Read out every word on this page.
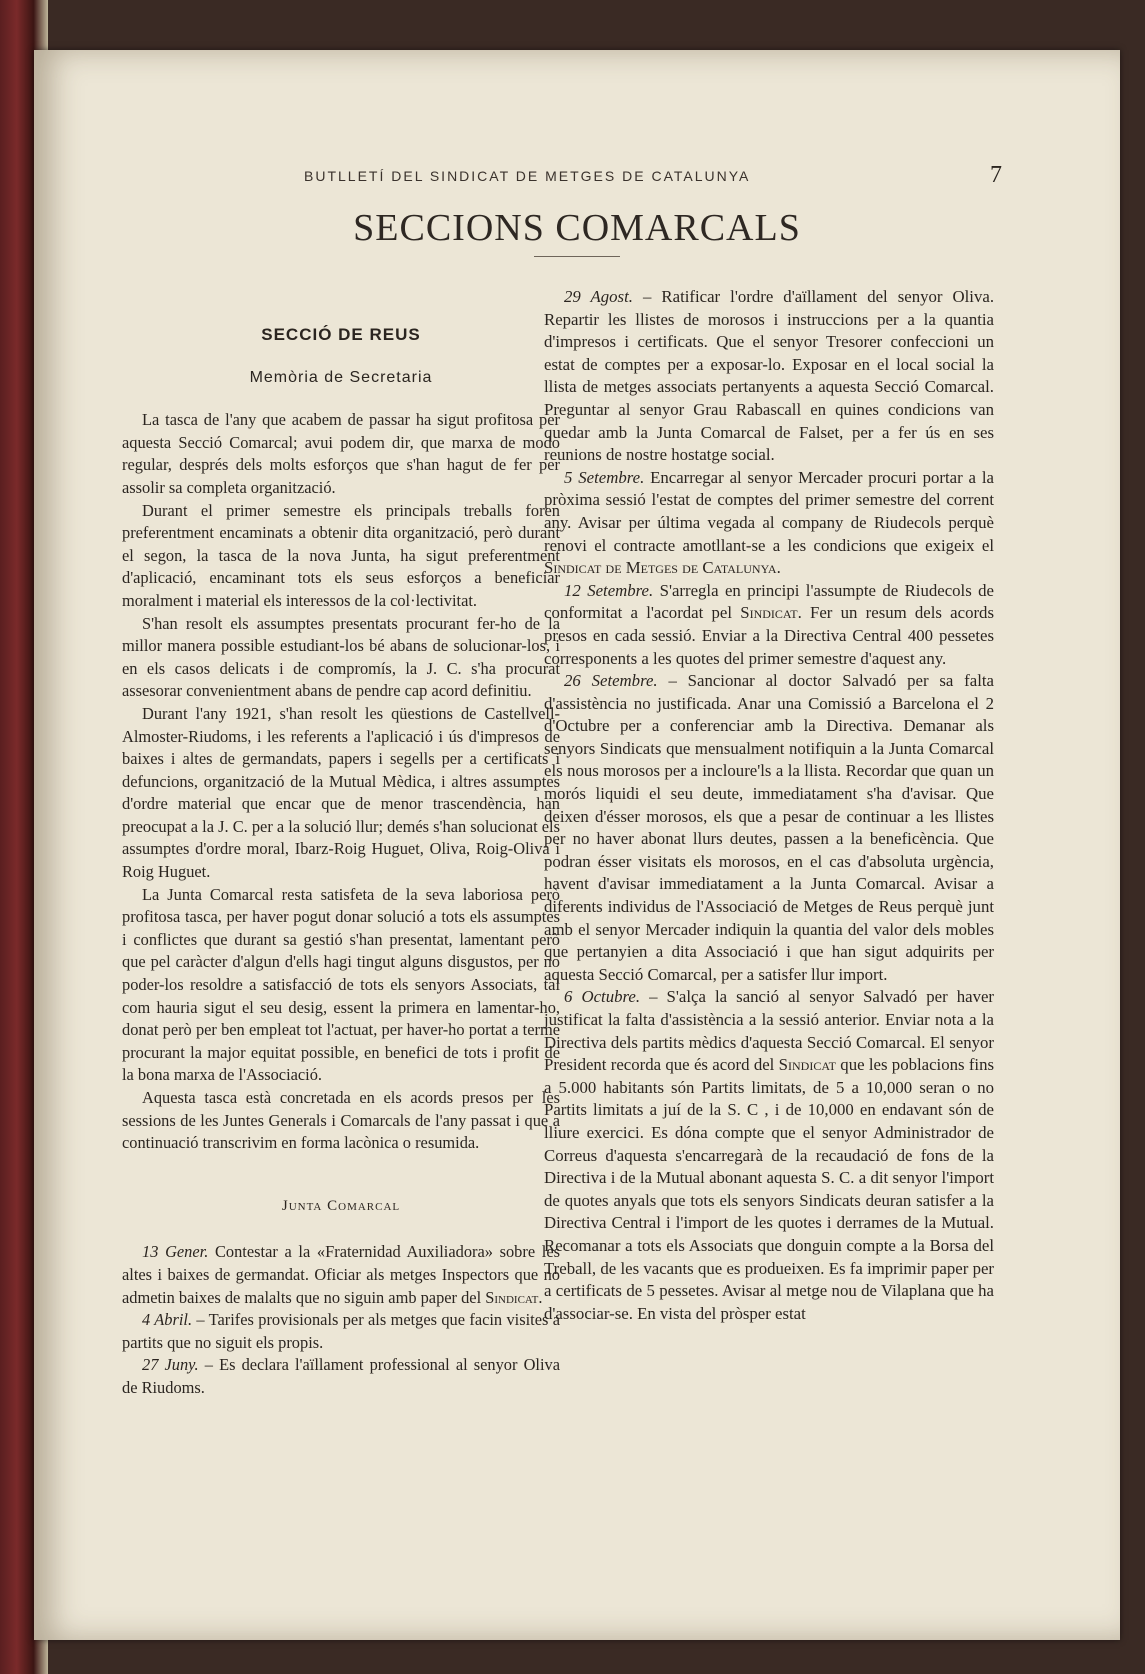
BUTLLETÍ DEL SINDICAT DE METGES DE CATALUNYA	7
SECCIONS COMARCALS
SECCIÓ DE REUS
Memòria de Secretaria

La tasca de l'any que acabem de passar ha sigut profitosa per aquesta Secció Comarcal; avui podem dir, que marxa de modo regular, després dels molts esforços que s'han hagut de fer per assolir sa completa organització.

Durant el primer semestre els principals treballs foren preferentment encaminats a obtenir dita organització, però durant el segon, la tasca de la nova Junta, ha sigut preferentment d'aplicació, encaminant tots els seus esforços a beneficiar moralment i material els interessos de la col·lectivitat.

S'han resolt els assumptes presentats procurant fer-ho de la millor manera possible estudiant-los bé abans de solucionar-los, i en els casos delicats i de compromís, la J. C. s'ha procurat assesorar convenientment abans de pendre cap acord definitiu.

Durant l'any 1921, s'han resolt les qüestions de Castellvell-Almoster-Riudoms, i les referents a l'aplicació i ús d'impresos de baixes i altes de germandats, papers i segells per a certificats i defuncions, organització de la Mutual Mèdica, i altres assumptes d'ordre material que encar que de menor trascendència, han preocupat a la J. C. per a la solució llur; demés s'han solucionat els assumptes d'ordre moral, Ibarz-Roig Huguet, Oliva, Roig-Oliva i Roig Huguet.

La Junta Comarcal resta satisfeta de la seva laboriosa però profitosa tasca, per haver pogut donar solució a tots els assumptes i conflictes que durant sa gestió s'han presentat, lamentant però que pel caràcter d'algun d'ells hagi tingut alguns disgustos, per no poder-los resoldre a satisfacció de tots els senyors Associats, tal com hauria sigut el seu desig, essent la primera en lamentar-ho, donat però per ben empleat tot l'actuat, per haver-ho portat a terme procurant la major equitat possible, en benefici de tots i profit de la bona marxa de l'Associació.

Aquesta tasca està concretada en els acords presos per les sessions de les Juntes Generals i Comarcals de l'any passat i que a continuació transcrivim en forma lacònica o resumida.

Junta Comarcal

13 Gener. Contestar a la «Fraternidad Auxiliadora» sobre les altes i baixes de germandat. Oficiar als metges Inspectors que no admetin baixes de malalts que no siguin amb paper del Sindicat.

4 Abril. – Tarifes provisionals per als metges que facin visites a partits que no siguit els propis.

27 Juny. – Es declara l'aïllament professional al senyor Oliva de Riudoms.

29 Agost. – Ratificar l'ordre d'aïllament del senyor Oliva. Repartir les llistes de morosos i instruccions per a la quantia d'impresos i certificats. Que el senyor Tresorer confeccioni un estat de comptes per a exposar-lo. Exposar en el local social la llista de metges associats pertanyents a aquesta Secció Comarcal. Preguntar al senyor Grau Rabascall en quines condicions van quedar amb la Junta Comarcal de Falset, per a fer ús en ses reunions de nostre hostatge social.

5 Setembre. Encarregar al senyor Mercader procuri portar a la pròxima sessió l'estat de comptes del primer semestre del corrent any. Avisar per última vegada al company de Riudecols perquè renovi el contracte amotllant-se a les condicions que exigeix el Sindicat de Metges de Catalunya.

12 Setembre. S'arregla en principi l'assumpte de Riudecols de conformitat a l'acordat pel Sindicat. Fer un resum dels acords presos en cada sessió. Enviar a la Directiva Central 400 pessetes corresponents a les quotes del primer semestre d'aquest any.

26 Setembre. – Sancionar al doctor Salvadó per sa falta d'assistència no justificada. Anar una Comissió a Barcelona el 2 d'Octubre per a conferenciar amb la Directiva. Demanar als senyors Sindicats que mensualment notifiquin a la Junta Comarcal els nous morosos per a incloure'ls a la llista. Recordar que quan un morós liquidi el seu deute, immediatament s'ha d'avisar. Que deixen d'ésser morosos, els que a pesar de continuar a les llistes per no haver abonat llurs deutes, passen a la beneficència. Que podran ésser visitats els morosos, en el cas d'absoluta urgència, havent d'avisar immediatament a la Junta Comarcal. Avisar a diferents individus de l'Associació de Metges de Reus perquè junt amb el senyor Mercader indiquin la quantia del valor dels mobles que pertanyien a dita Associació i que han sigut adquirits per aquesta Secció Comarcal, per a satisfer llur import.

6 Octubre. – S'alça la sanció al senyor Salvadó per haver justificat la falta d'assistència a la sessió anterior. Enviar nota a la Directiva dels partits mèdics d'aquesta Secció Comarcal. El senyor President recorda que és acord del Sindicat que les poblacions fins a 5.000 habitants són Partits limitats, de 5 a 10,000 seran o no Partits limitats a juí de la S. C , i de 10,000 en endavant són de lliure exercici. Es dóna compte que el senyor Administrador de Correus d'aquesta s'encarregarà de la recaudació de fons de la Directiva i de la Mutual abonant aquesta S. C. a dit senyor l'import de quotes anyals que tots els senyors Sindicats deuran satisfer a la Directiva Central i l'import de les quotes i derrames de la Mutual. Recomanar a tots els Associats que donguin compte a la Borsa del Treball, de les vacants que es produeixen. Es fa imprimir paper per a certificats de 5 pessetes. Avisar al metge nou de Vilaplana que ha d'associar-se. En vista del pròsper estat
